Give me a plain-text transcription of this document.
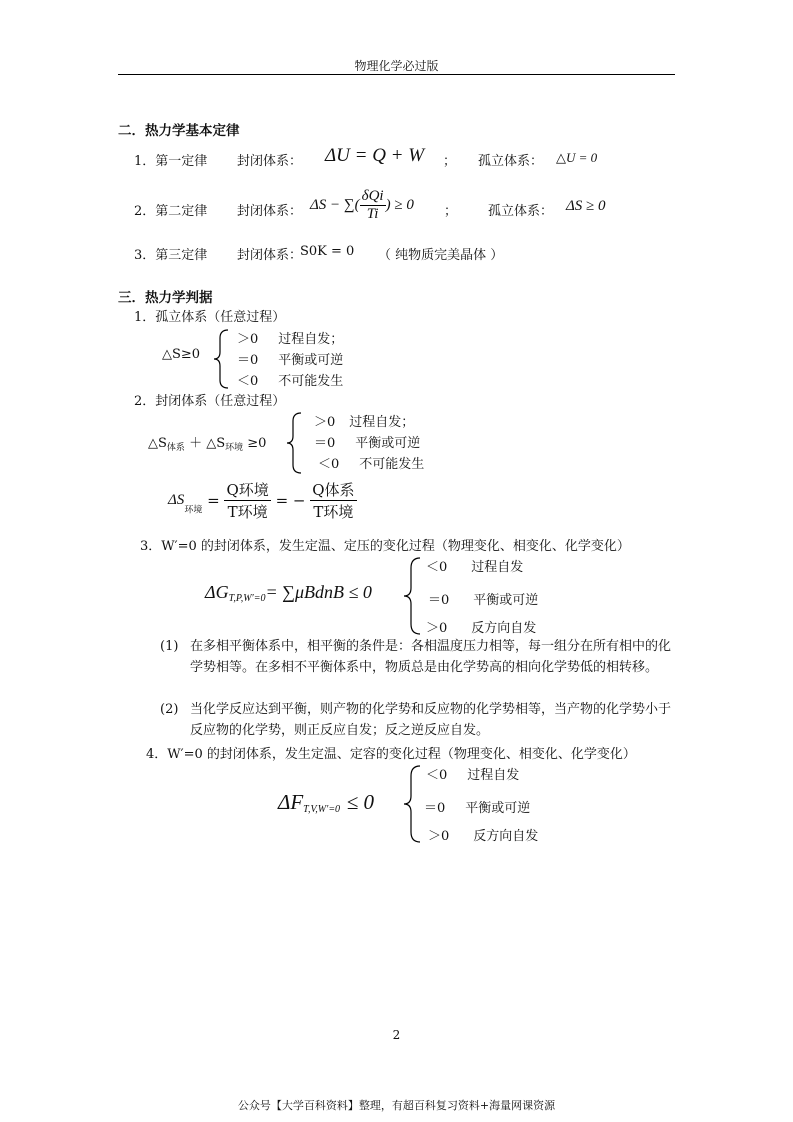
物理化学必过版
二．热力学基本定律
1．第一定律 封闭体系： ΔU = Q + W ； 孤立体系： △U = 0
2．第二定律 封闭体系： ΔS − ∑( $\frac{\text{δQi}}{Ti}$ ) ≥ 0 ； 孤立体系： ΔS ≥ 0
3．第三定律 封闭体系：
S0K = 0 （ 纯物质完美晶体 ）
三．热力学判据
1．孤立体系（任意过程）
△S≥0
＞0 过程自发；
＝0 平衡或可逆
＜0 不可能发生
2．封闭体系（任意过程）
$\triangle S_{体系}$ ＋ $\triangle S_{环境} \ge 0$
＞0 过程自发；
＝0 平衡或可逆
＜0 不可能发生
$\Delta S_{环境} = \frac{\text{Q环境}}{\text{T环境}}$ = − $\frac{\text{Q体系}}{\text{T环境}}$
3．W′=0 的封闭体系，发生定温、定压的变化过程（物理变化、相变化、化学变化）
$\Delta G_{T,P,W'=0}=$ ∑μBdnB ≤ 0
＜0 过程自发
＝0 平衡或可逆
＞0 反方向自发
(1) 在多相平衡体系中，相平衡的条件是：各相温度压力相等，每一组分在所有相中的化学势相等。在多相不平衡体系中，物质总是由化学势高的相向化学势低的相转移。
(2) 当化学反应达到平衡，则产物的化学势和反应物的化学势相等，当产物的化学势小于反应物的化学势，则正反应自发；反之逆反应自发。
4．W′=0 的封闭体系，发生定温、定容的变化过程（物理变化、相变化、化学变化）
$\Delta F_{T,V,W'=0} \le 0$
＜0 过程自发
＝0 平衡或可逆
＞0 反方向自发
2
公众号【大学百科资料】整理，有超百科复习资料+海量网课资源
